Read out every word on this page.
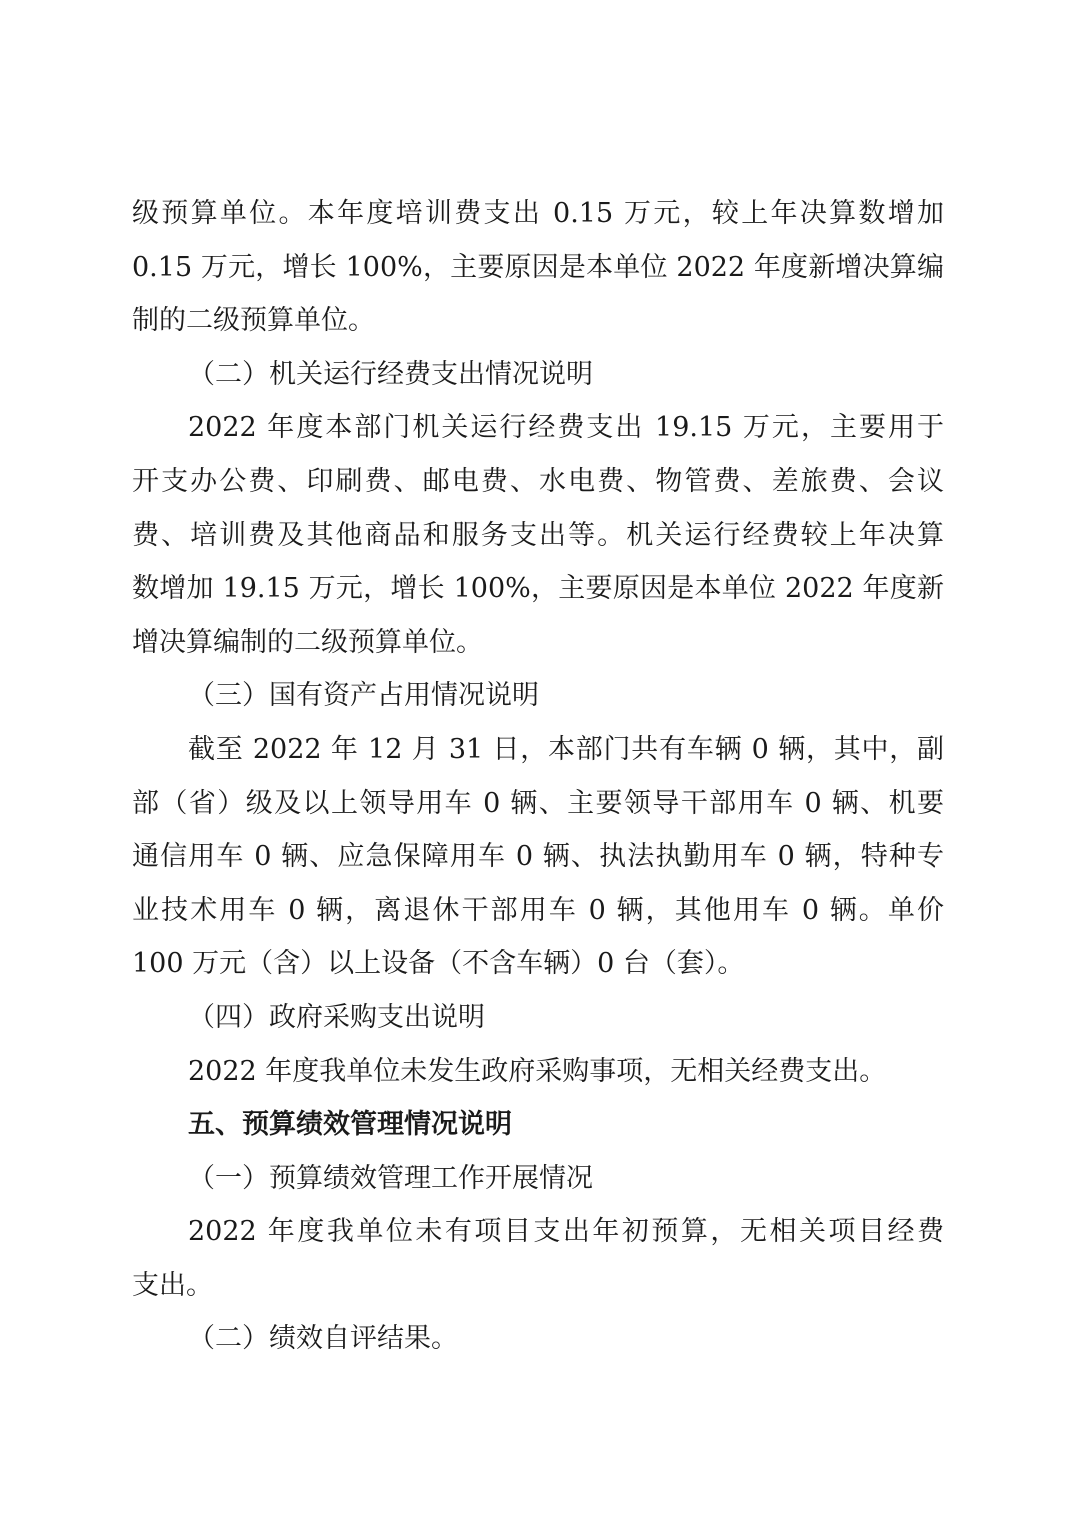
级预算单位。本年度培训费支出 0.15 万元，较上年决算数增加
0.15 万元，增长 100%，主要原因是本单位 2022 年度新增决算编
制的二级预算单位。
（二）机关运行经费支出情况说明
2022 年度本部门机关运行经费支出 19.15 万元，主要用于
开支办公费、印刷费、邮电费、水电费、物管费、差旅费、会议
费、培训费及其他商品和服务支出等。机关运行经费较上年决算
数增加 19.15 万元，增长 100%，主要原因是本单位 2022 年度新
增决算编制的二级预算单位。
（三）国有资产占用情况说明
截至 2022 年 12 月 31 日，本部门共有车辆 0 辆，其中，副
部（省）级及以上领导用车 0 辆、主要领导干部用车 0 辆、机要
通信用车 0 辆、应急保障用车 0 辆、执法执勤用车 0 辆，特种专
业技术用车 0 辆，离退休干部用车 0 辆，其他用车 0 辆。单价
100 万元（含）以上设备（不含车辆）0 台（套）。
（四）政府采购支出说明
2022 年度我单位未发生政府采购事项，无相关经费支出。
五、预算绩效管理情况说明
（一）预算绩效管理工作开展情况
2022 年度我单位未有项目支出年初预算，无相关项目经费
支出。
（二）绩效自评结果。
